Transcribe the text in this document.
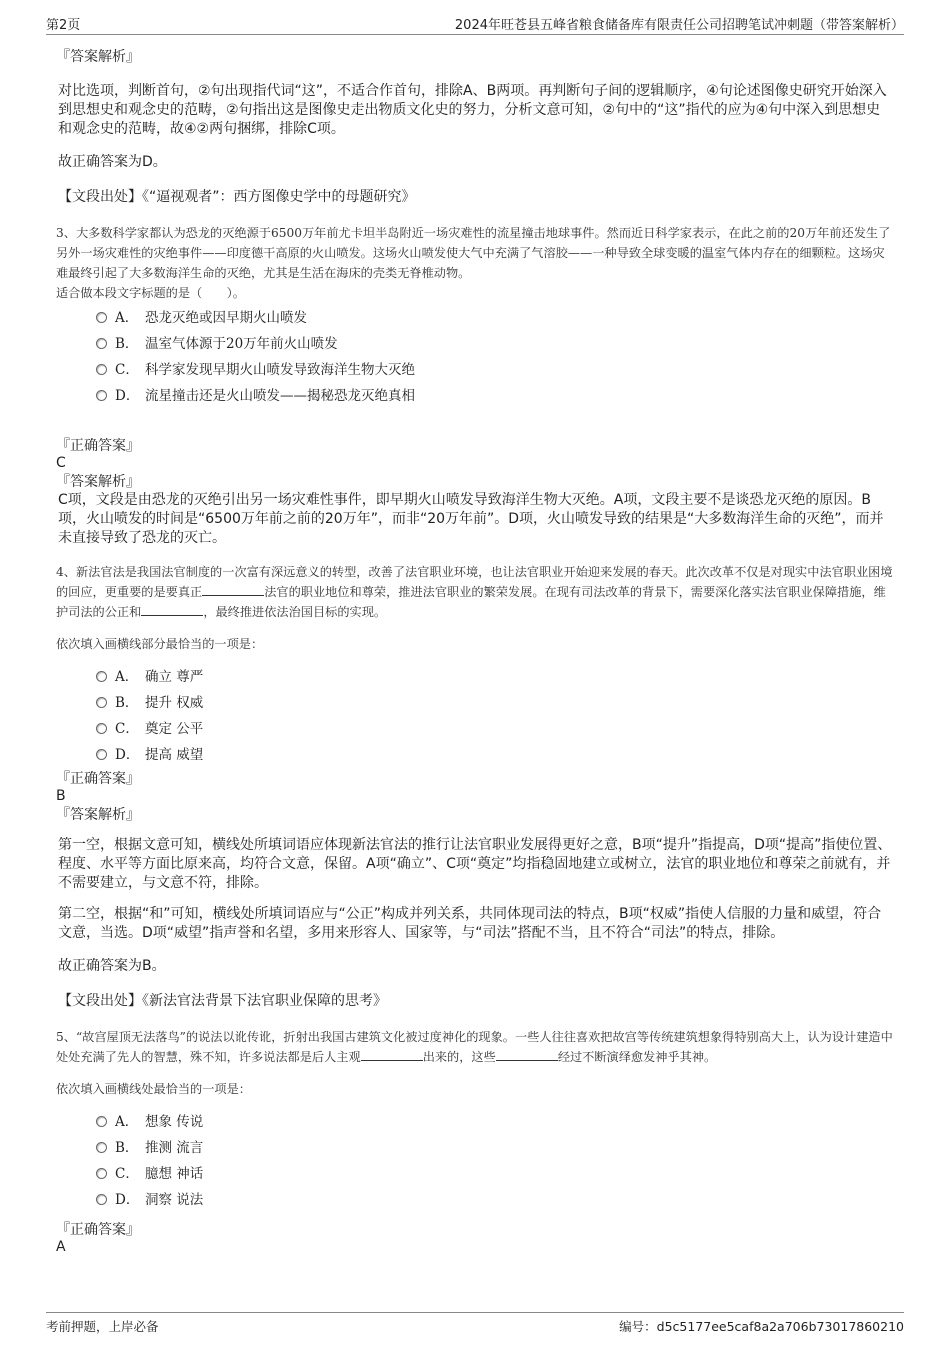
第2页	2024年旺苍县五峰省粮食储备库有限责任公司招聘笔试冲刺题（带答案解析）

『答案解析』

对比选项，判断首句，②句出现指代词“这”，不适合作首句，排除A、B两项。再判断句子间的逻辑顺序，④句论述图像史研究开始深入到思想史和观念史的范畴，②句指出这是图像史走出物质文化史的努力，分析文意可知，②句中的“这”指代的应为④句中深入到思想史和观念史的范畴，故④②两句捆绑，排除C项。

故正确答案为D。

【文段出处】《“逼视观者”：西方图像史学中的母题研究》

3、大多数科学家都认为恐龙的灭绝源于6500万年前尤卡坦半岛附近一场灾难性的流星撞击地球事件。然而近日科学家表示，在此之前的20万年前还发生了另外一场灾难性的灾绝事件——印度德干高原的火山喷发。这场火山喷发使大气中充满了气溶胶——一种导致全球变暖的温室气体内存在的细颗粒。这场灾难最终引起了大多数海洋生命的灭绝，尤其是生活在海床的壳类无脊椎动物。

适合做本段文字标题的是（　　）。

A． 恐龙灭绝或因早期火山喷发
B． 温室气体源于20万年前火山喷发
C． 科学家发现早期火山喷发导致海洋生物大灭绝
D． 流星撞击还是火山喷发——揭秘恐龙灭绝真相

『正确答案』

C

『答案解析』

C项，文段是由恐龙的灭绝引出另一场灾难性事件，即早期火山喷发导致海洋生物大灭绝。A项，文段主要不是谈恐龙灭绝的原因。B项，火山喷发的时间是“6500万年前之前的20万年”，而非“20万年前”。D项，火山喷发导致的结果是“大多数海洋生命的灭绝”，而并未直接导致了恐龙的灭亡。

4、新法官法是我国法官制度的一次富有深远意义的转型，改善了法官职业环境，也让法官职业开始迎来发展的春天。此次改革不仅是对现实中法官职业困境的回应，更重要的是要真正	法官的职业地位和尊荣，推进法官职业的繁荣发展。在现有司法改革的背景下，需要深化落实法官职业保障措施，维护司法的公正和	，最终推进依法治国目标的实现。

依次填入画横线部分最恰当的一项是：

A． 确立 尊严
B． 提升 权威
C． 奠定 公平
D． 提高 威望

『正确答案』

B

『答案解析』

第一空，根据文意可知，横线处所填词语应体现新法官法的推行让法官职业发展得更好之意，B项“提升”指提高，D项“提高”指使位置、程度、水平等方面比原来高，均符合文意，保留。A项“确立”、C项“奠定”均指稳固地建立或树立，法官的职业地位和尊荣之前就有，并不需要建立，与文意不符，排除。

第二空，根据“和”可知，横线处所填词语应与“公正”构成并列关系，共同体现司法的特点，B项“权威”指使人信服的力量和威望，符合文意，当选。D项“威望”指声誉和名望，多用来形容人、国家等，与“司法”搭配不当，且不符合“司法”的特点，排除。

故正确答案为B。

【文段出处】《新法官法背景下法官职业保障的思考》

5、“故宫屋顶无法落鸟”的说法以讹传讹，折射出我国古建筑文化被过度神化的现象。一些人往往喜欢把故宫等传统建筑想象得特别高大上，认为设计建造中处处充满了先人的智慧，殊不知，许多说法都是后人主观	出来的，这些	经过不断演绎愈发神乎其神。

依次填入画横线处最恰当的一项是：

A． 想象 传说
B． 推测 流言
C． 臆想 神话
D． 洞察 说法

『正确答案』

A

考前押题，上岸必备	编号：d5c5177ee5caf8a2a706b73017860210
